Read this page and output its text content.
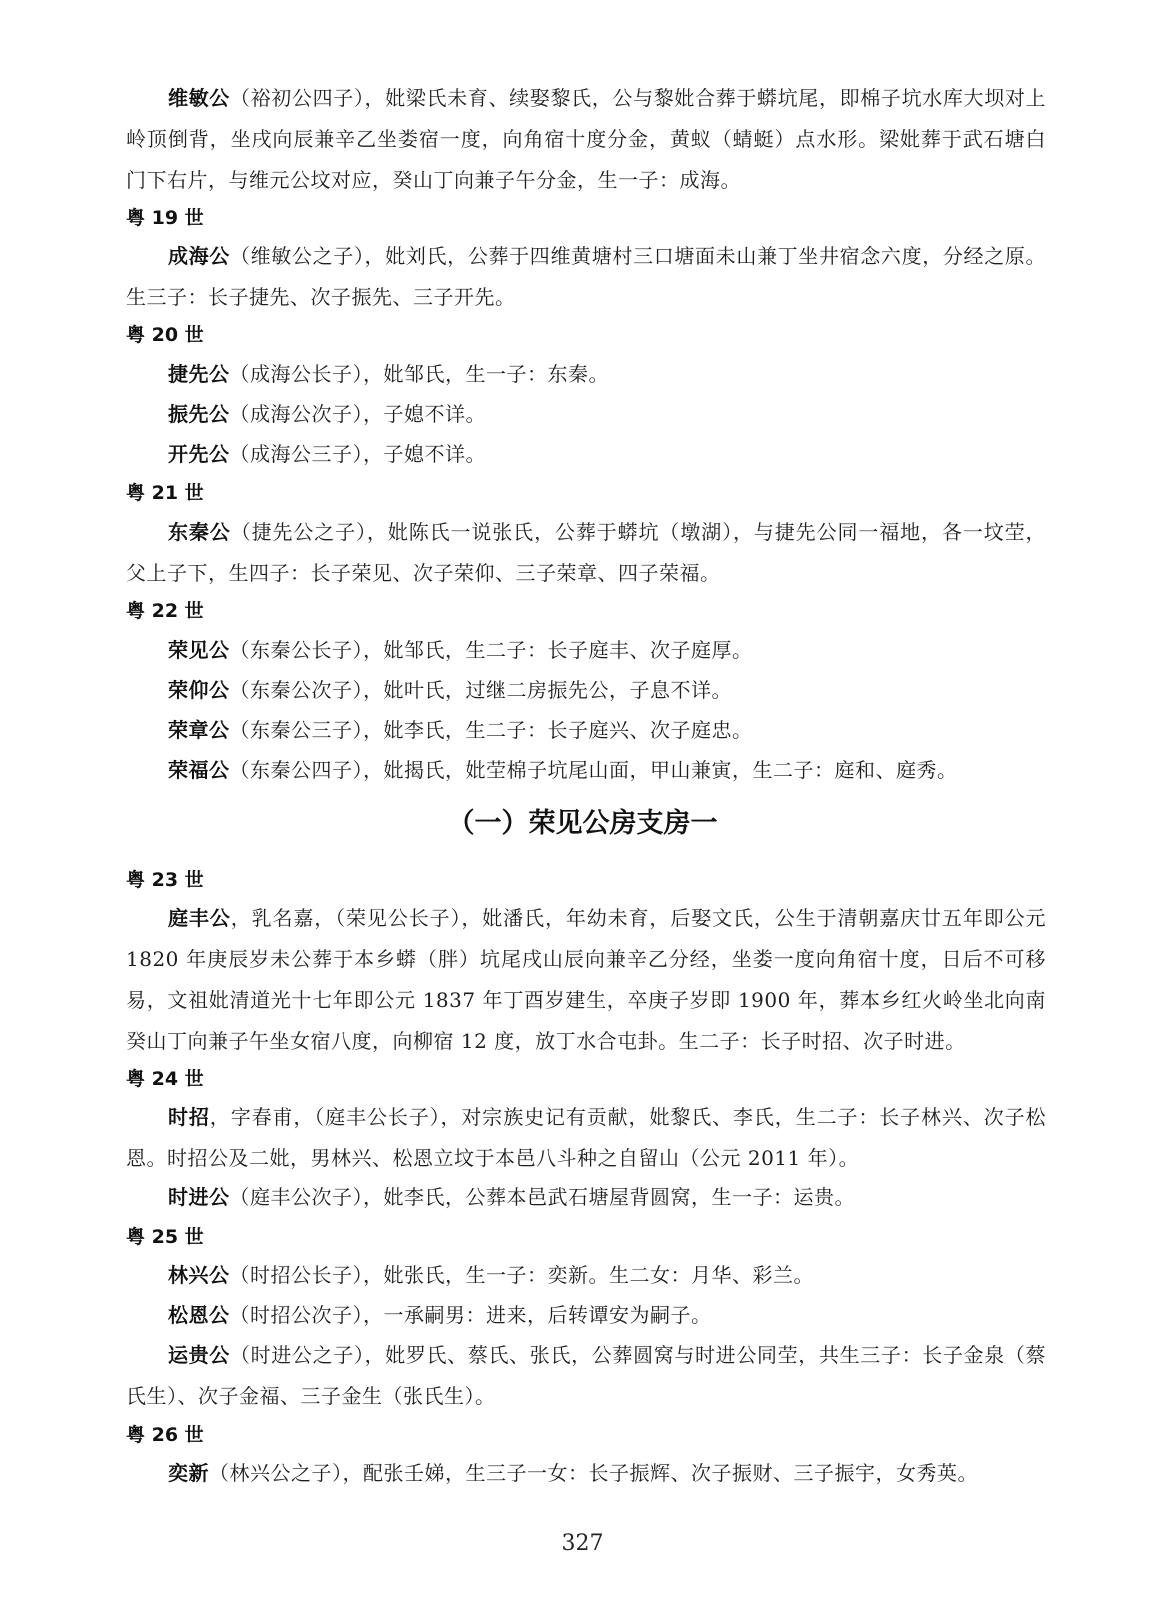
维敏公（裕初公四子），妣梁氏未育、续娶黎氏，公与黎妣合葬于蟒坑尾，即棉子坑水库大坝对上岭顶倒背，坐戌向辰兼辛乙坐娄宿一度，向角宿十度分金，黄蚁（蜻蜓）点水形。梁妣葬于武石塘白门下右片，与维元公坟对应，癸山丁向兼子午分金，生一子：成海。

粤 19 世

成海公（维敏公之子），妣刘氏，公葬于四维黄塘村三口塘面未山兼丁坐井宿念六度，分经之原。生三子：长子捷先、次子振先、三子开先。

粤 20 世

捷先公（成海公长子），妣邹氏，生一子：东秦。

振先公（成海公次子），子媳不详。

开先公（成海公三子），子媳不详。

粤 21 世

东秦公（捷先公之子），妣陈氏一说张氏，公葬于蟒坑（墩湖），与捷先公同一福地，各一坟茔，父上子下，生四子：长子荣见、次子荣仰、三子荣章、四子荣福。

粤 22 世

荣见公（东秦公长子），妣邹氏，生二子：长子庭丰、次子庭厚。

荣仰公（东秦公次子），妣叶氏，过继二房振先公，子息不详。

荣章公（东秦公三子），妣李氏，生二子：长子庭兴、次子庭忠。

荣福公（东秦公四子），妣揭氏，妣茔棉子坑尾山面，甲山兼寅，生二子：庭和、庭秀。

（一）荣见公房支房一
粤 23 世

庭丰公，乳名嘉，（荣见公长子），妣潘氏，年幼未育，后娶文氏，公生于清朝嘉庆廿五年即公元 1820 年庚辰岁未公葬于本乡蟒（胖）坑尾戌山辰向兼辛乙分经，坐娄一度向角宿十度，日后不可移易，文祖妣清道光十七年即公元 1837 年丁酉岁建生，卒庚子岁即 1900 年，葬本乡红火岭坐北向南癸山丁向兼子午坐女宿八度，向柳宿 12 度，放丁水合屯卦。生二子：长子时招、次子时进。

粤 24 世

时招，字春甫，（庭丰公长子），对宗族史记有贡献，妣黎氏、李氏，生二子：长子林兴、次子松恩。时招公及二妣，男林兴、松恩立坟于本邑八斗种之自留山（公元 2011 年）。

时进公（庭丰公次子），妣李氏，公葬本邑武石塘屋背圆窝，生一子：运贵。

粤 25 世

林兴公（时招公长子），妣张氏，生一子：奕新。生二女：月华、彩兰。

松恩公（时招公次子），一承嗣男：进来，后转谭安为嗣子。

运贵公（时进公之子），妣罗氏、蔡氏、张氏，公葬圆窝与时进公同茔，共生三子：长子金泉（蔡氏生）、次子金福、三子金生（张氏生）。

粤 26 世

奕新（林兴公之子），配张壬娣，生三子一女：长子振辉、次子振财、三子振宇，女秀英。

327
